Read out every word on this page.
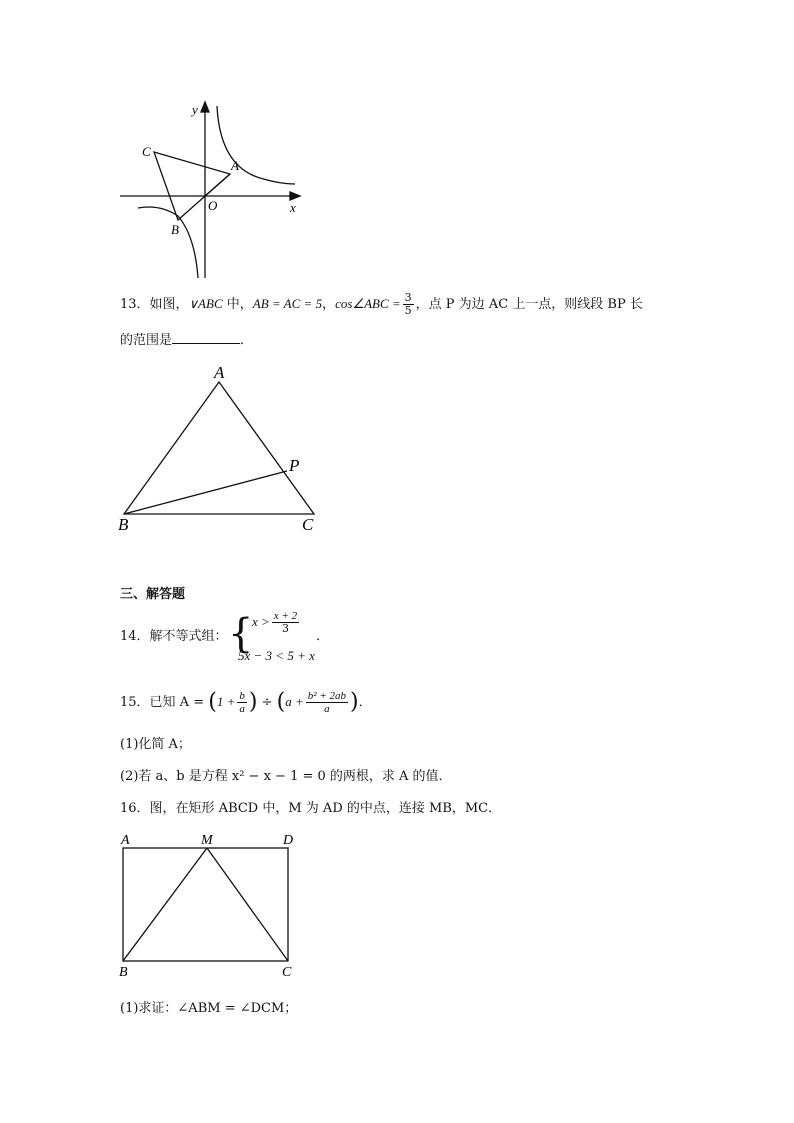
y
x
O
A
B
C
13．如图，∨ABC 中，AB = AC = 5，cos∠ABC = $\frac{3}{5}$ ，点 P 为边 AC 上一点，则线段 BP 长
的范围是	．
A
B	C
P
三、解答题
14．解不等式组： {
$x > \frac{x + 2}{3}$
5x − 3 < 5 + x
．
15．已知 $A = (1 + \frac{b}{a}$ ) ÷ ($a + \frac{\text{b² + 2ab}}{a}$ )．
(1)化简 A；
(2)若 a、b 是方程 x² − x − 1 = 0 的两根，求 A 的值．
16．图，在矩形 ABCD 中，M 为 AD 的中点，连接 MB，MC．
A	M	D
B	C
(1)求证：∠ABM = ∠DCM；
